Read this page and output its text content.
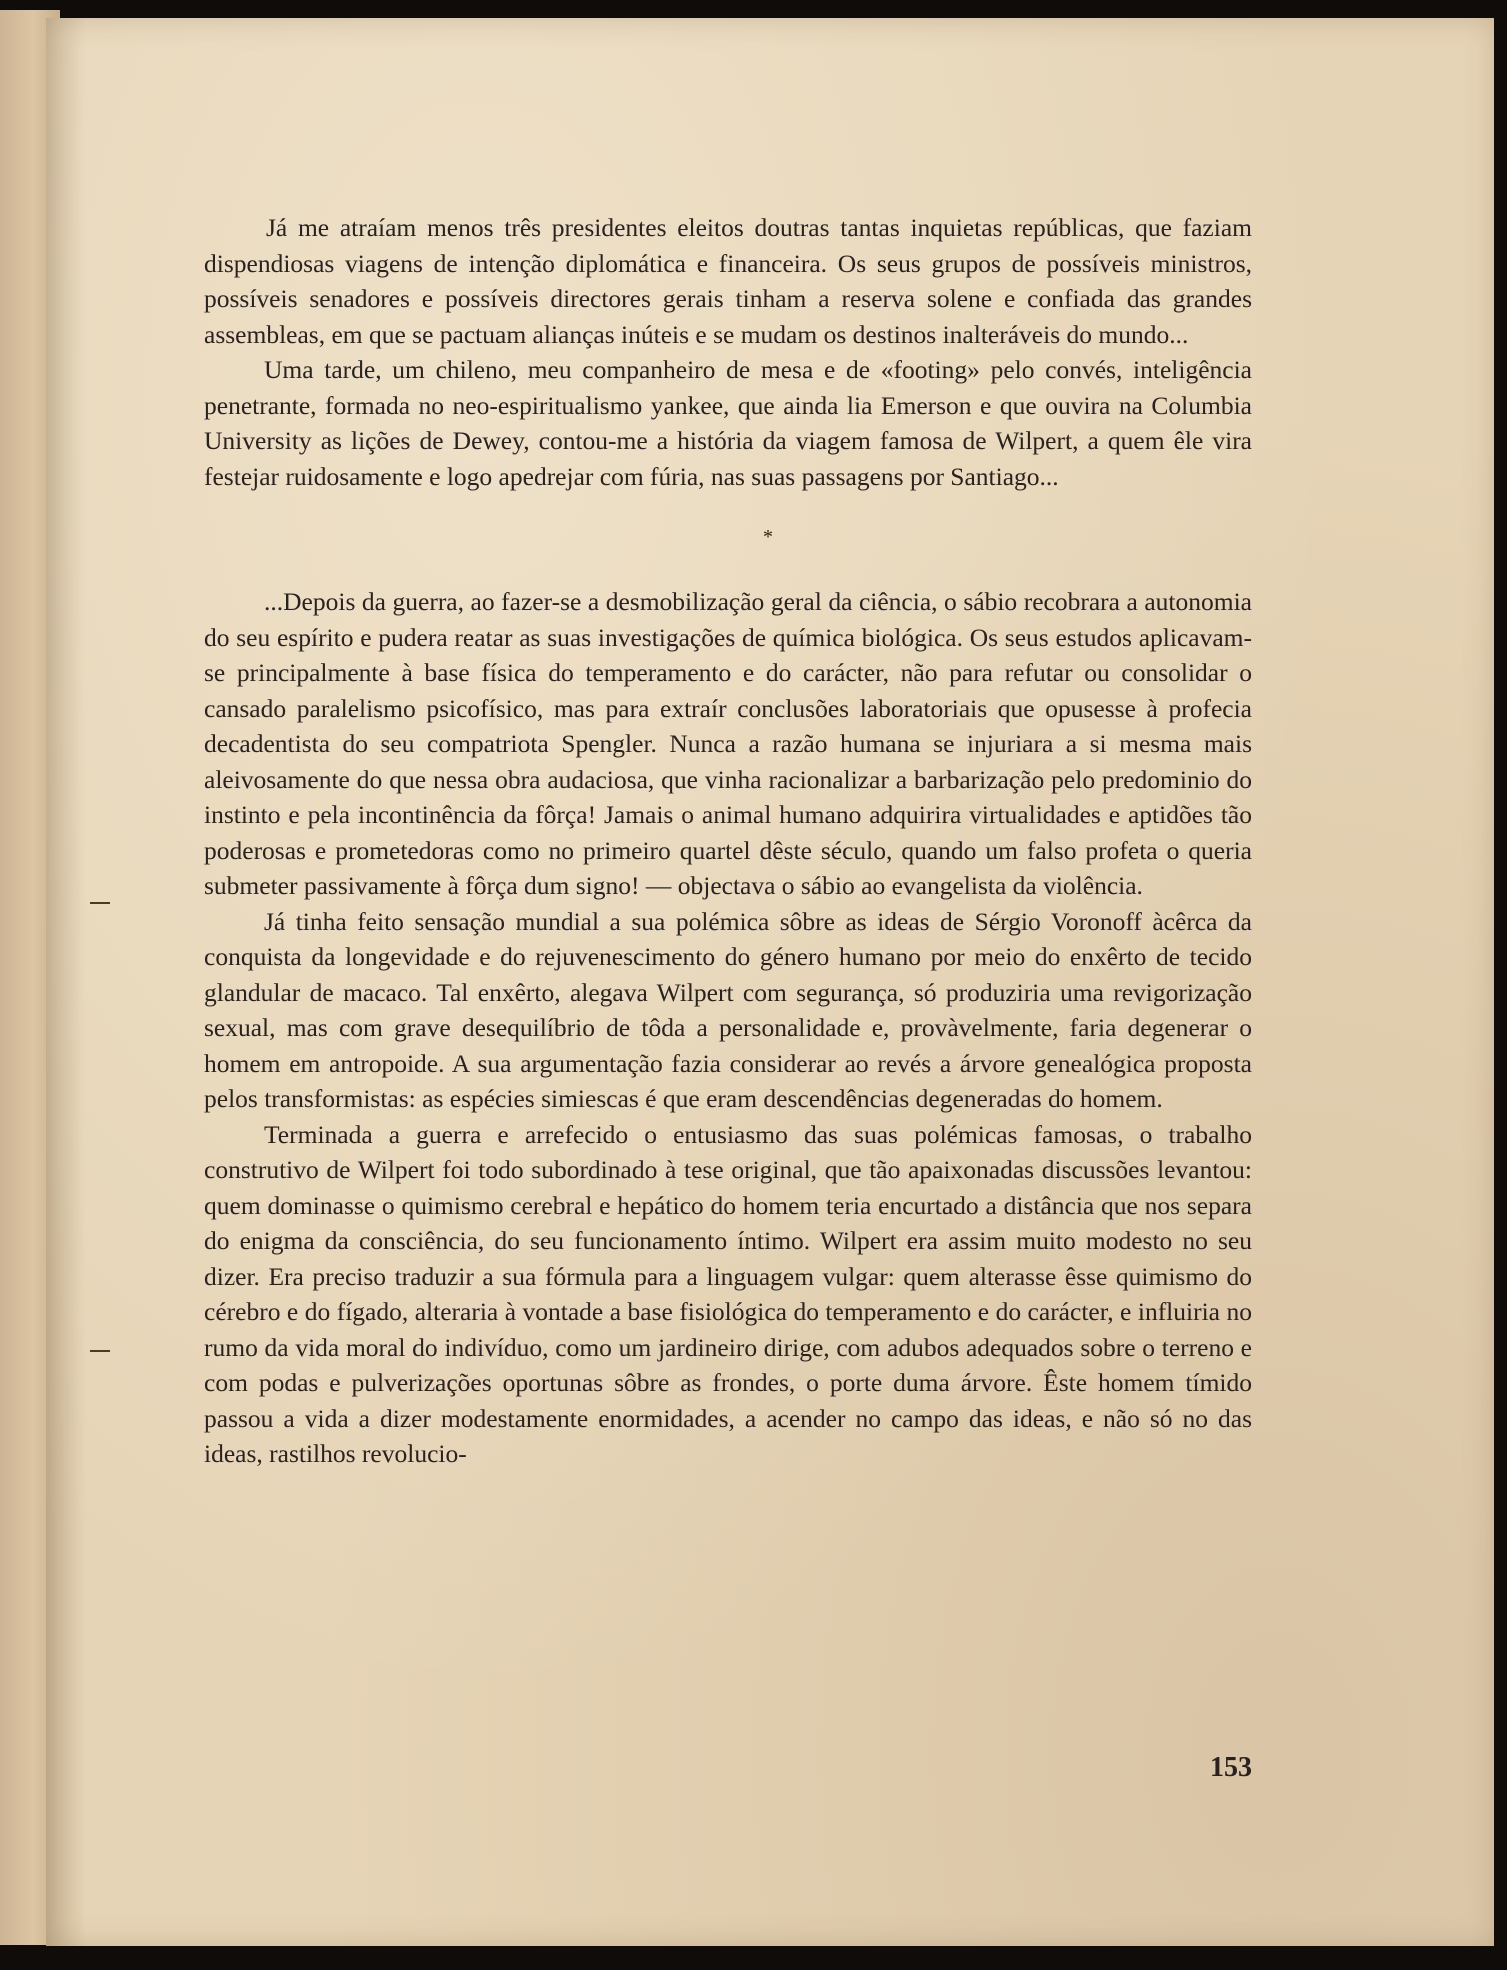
Já me atraíam menos três presidentes eleitos doutras tantas inquietas repúblicas, que faziam dispendiosas viagens de intenção diplomática e financeira. Os seus grupos de possíveis ministros, possíveis senadores e possíveis directores gerais tinham a reserva solene e confiada das grandes assembleas, em que se pactuam alianças inúteis e se mudam os destinos inalteráveis do mundo...

Uma tarde, um chileno, meu companheiro de mesa e de «footing» pelo convés, inteligência penetrante, formada no neo-espiritualismo yankee, que ainda lia Emerson e que ouvira na Columbia University as lições de Dewey, contou-me a história da viagem famosa de Wilpert, a quem êle vira festejar ruidosamente e logo apedrejar com fúria, nas suas passagens por Santiago...

*

...Depois da guerra, ao fazer-se a desmobilização geral da ciência, o sábio recobrara a autonomia do seu espírito e pudera reatar as suas investigações de química biológica. Os seus estudos aplicavam-se principalmente à base física do temperamento e do carácter, não para refutar ou consolidar o cansado paralelismo psicofísico, mas para extraír conclusões laboratoriais que opusesse à profecia decadentista do seu compatriota Spengler. Nunca a razão humana se injuriara a si mesma mais aleivosamente do que nessa obra audaciosa, que vinha racionalizar a barbarização pelo predominio do instinto e pela incontinência da fôrça! Jamais o animal humano adquirira virtualidades e aptidões tão poderosas e prometedoras como no primeiro quartel dêste século, quando um falso profeta o queria submeter passivamente à fôrça dum signo! — objectava o sábio ao evangelista da violência.

Já tinha feito sensação mundial a sua polémica sôbre as ideas de Sérgio Voronoff àcêrca da conquista da longevidade e do rejuvenescimento do género humano por meio do enxêrto de tecido glandular de macaco. Tal enxêrto, alegava Wilpert com segurança, só produziria uma revigorização sexual, mas com grave desequilíbrio de tôda a personalidade e, provàvelmente, faria degenerar o homem em antropoide. A sua argumentação fazia considerar ao revés a árvore genealógica proposta pelos transformistas: as espécies simiescas é que eram descendências degeneradas do homem.

Terminada a guerra e arrefecido o entusiasmo das suas polémicas famosas, o trabalho construtivo de Wilpert foi todo subordinado à tese original, que tão apaixonadas discussões levantou: quem dominasse o quimismo cerebral e hepático do homem teria encurtado a distância que nos separa do enigma da consciência, do seu funcionamento íntimo. Wilpert era assim muito modesto no seu dizer. Era preciso traduzir a sua fórmula para a linguagem vulgar: quem alterasse êsse quimismo do cérebro e do fígado, alteraria à vontade a base fisiológica do temperamento e do carácter, e influiria no rumo da vida moral do indivíduo, como um jardineiro dirige, com adubos adequados sobre o terreno e com podas e pulverizações oportunas sôbre as frondes, o porte duma árvore. Êste homem tímido passou a vida a dizer modestamente enormidades, a acender no campo das ideas, e não só no das ideas, rastilhos revolucio-

153
